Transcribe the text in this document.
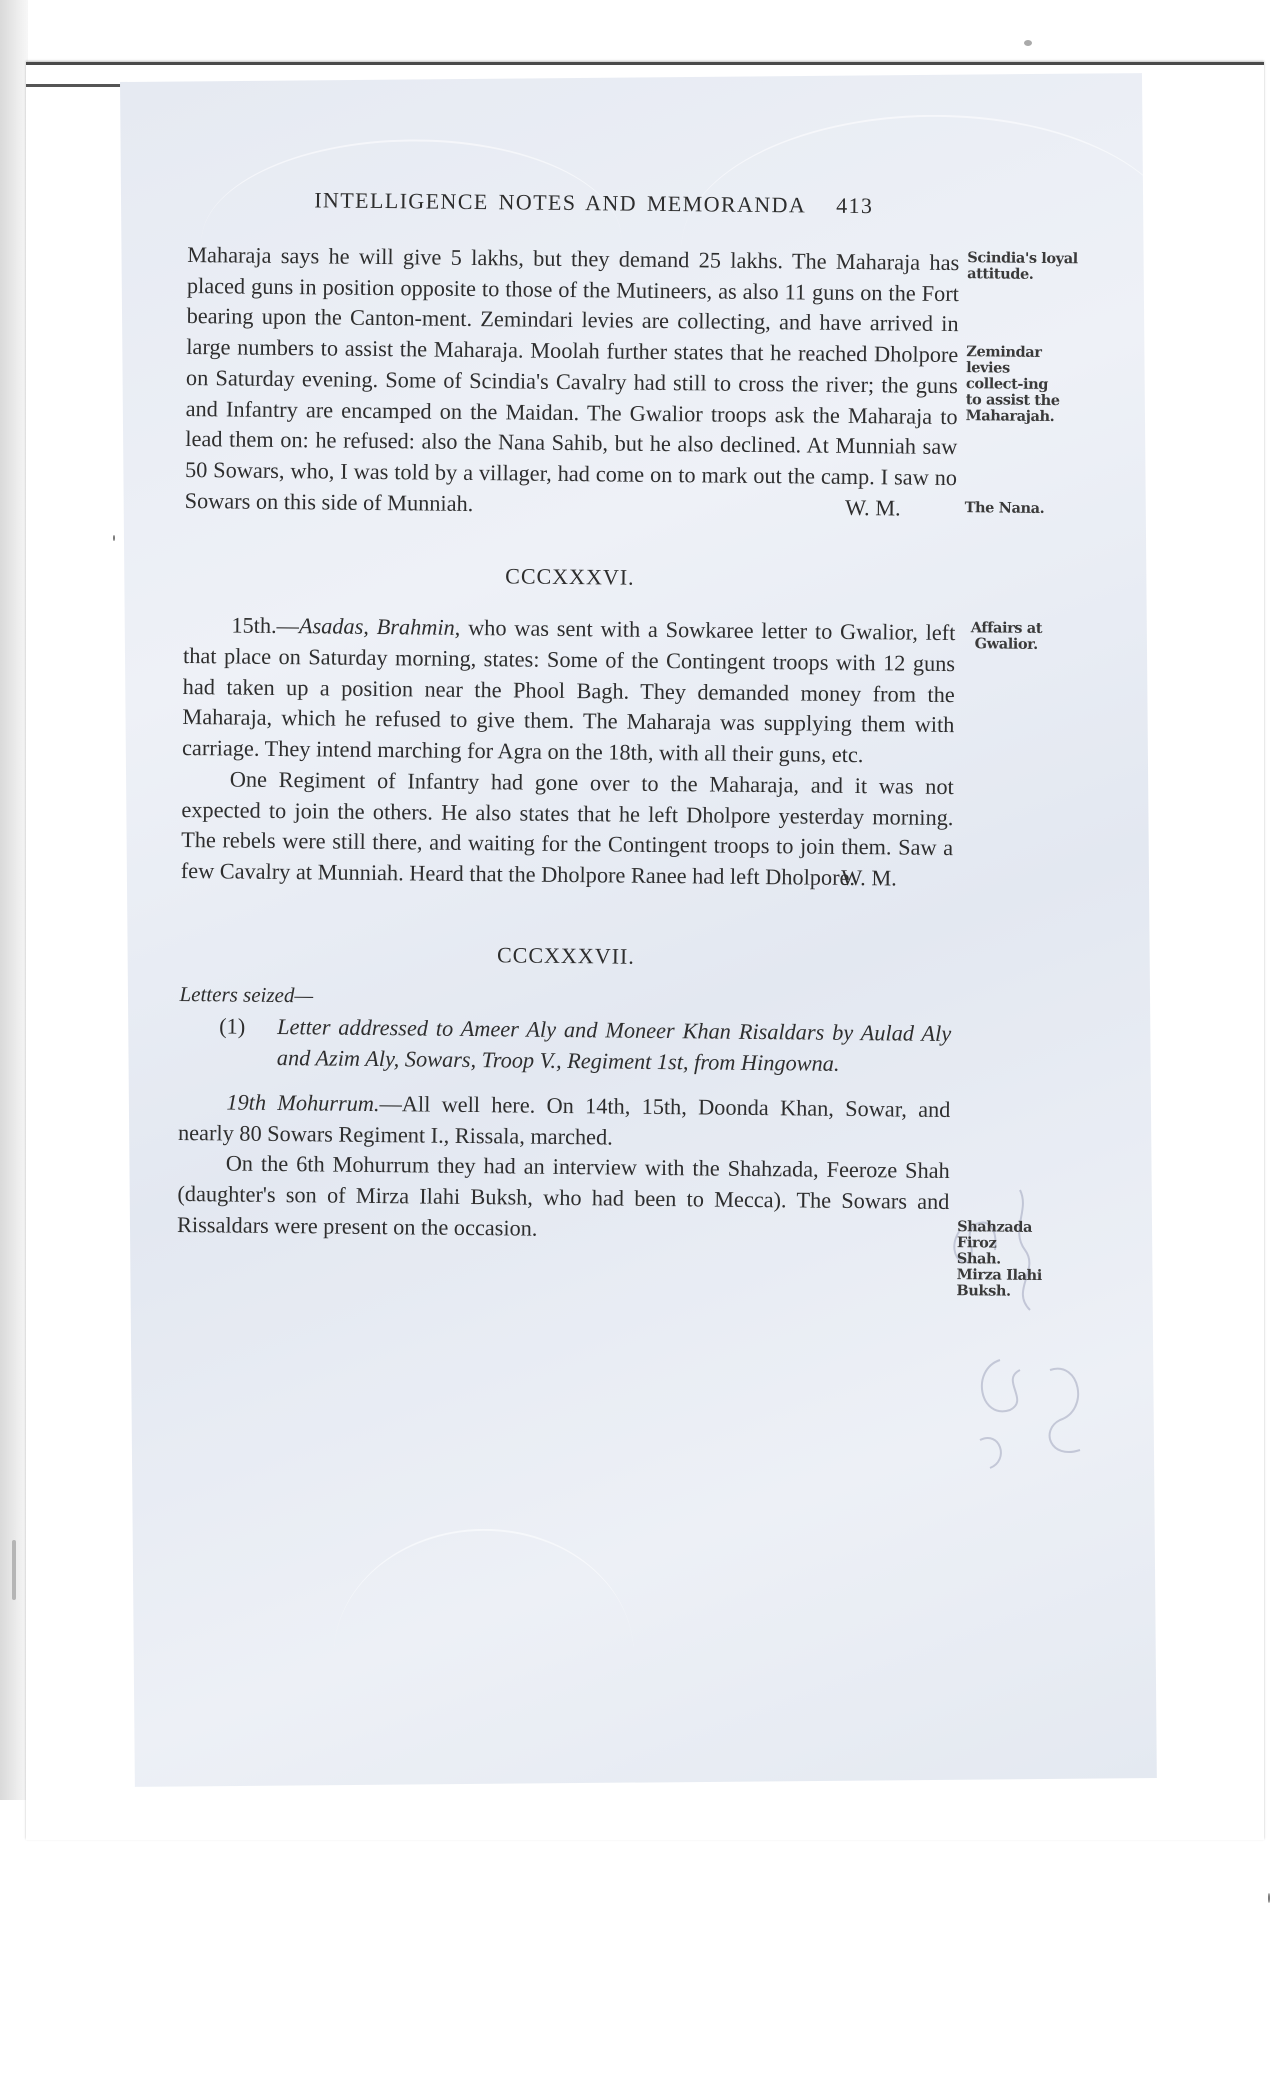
INTELLIGENCE NOTES AND MEMORANDA 413
Scindia's loyal attitude.
Zemindar levies collect-ing to assist the Maharajah.
The Nana.

Maharaja says he will give 5 lakhs, but they demand 25 lakhs. The Maharaja has placed guns in position opposite to those of the Mutineers, as also 11 guns on the Fort bearing upon the Canton-ment. Zemindari levies are collecting, and have arrived in large numbers to assist the Maharaja. Moolah further states that he reached Dholpore on Saturday evening. Some of Scindia's Cavalry had still to cross the river; the guns and Infantry are encamped on the Maidan. The Gwalior troops ask the Maharaja to lead them on: he refused: also the Nana Sahib, but he also declined. At Munniah saw 50 Sowars, who, I was told by a villager, had come on to mark out the camp. I saw no Sowars on this side of Munniah.	W. M.
CCCXXXVI.
Affairs at Gwalior.

15th.—Asadas, Brahmin, who was sent with a Sowkaree letter to Gwalior, left that place on Saturday morning, states: Some of the Contingent troops with 12 guns had taken up a position near the Phool Bagh. They demanded money from the Maharaja, which he refused to give them. The Maharaja was supplying them with carriage. They intend marching for Agra on the 18th, with all their guns, etc.

One Regiment of Infantry had gone over to the Maharaja, and it was not expected to join the others. He also states that he left Dholpore yesterday morning. The rebels were still there, and waiting for the Contingent troops to join them. Saw a few Cavalry at Munniah. Heard that the Dholpore Ranee had left Dholpore.

W. M.
CCCXXXVII.

Letters seized—

(1) Letter addressed to Ameer Aly and Moneer Khan Risaldars by Aulad Aly and Azim Aly, Sowars, Troop V., Regiment 1st, from Hingowna.

Shahzada Firoz Shah. Mirza Ilahi Buksh.

19th Mohurrum.—All well here. On 14th, 15th, Doonda Khan, Sowar, and nearly 80 Sowars Regiment I., Rissala, marched.

On the 6th Mohurrum they had an interview with the Shahzada, Feeroze Shah (daughter's son of Mirza Ilahi Buksh, who had been to Mecca). The Sowars and Rissaldars were present on the occasion.
